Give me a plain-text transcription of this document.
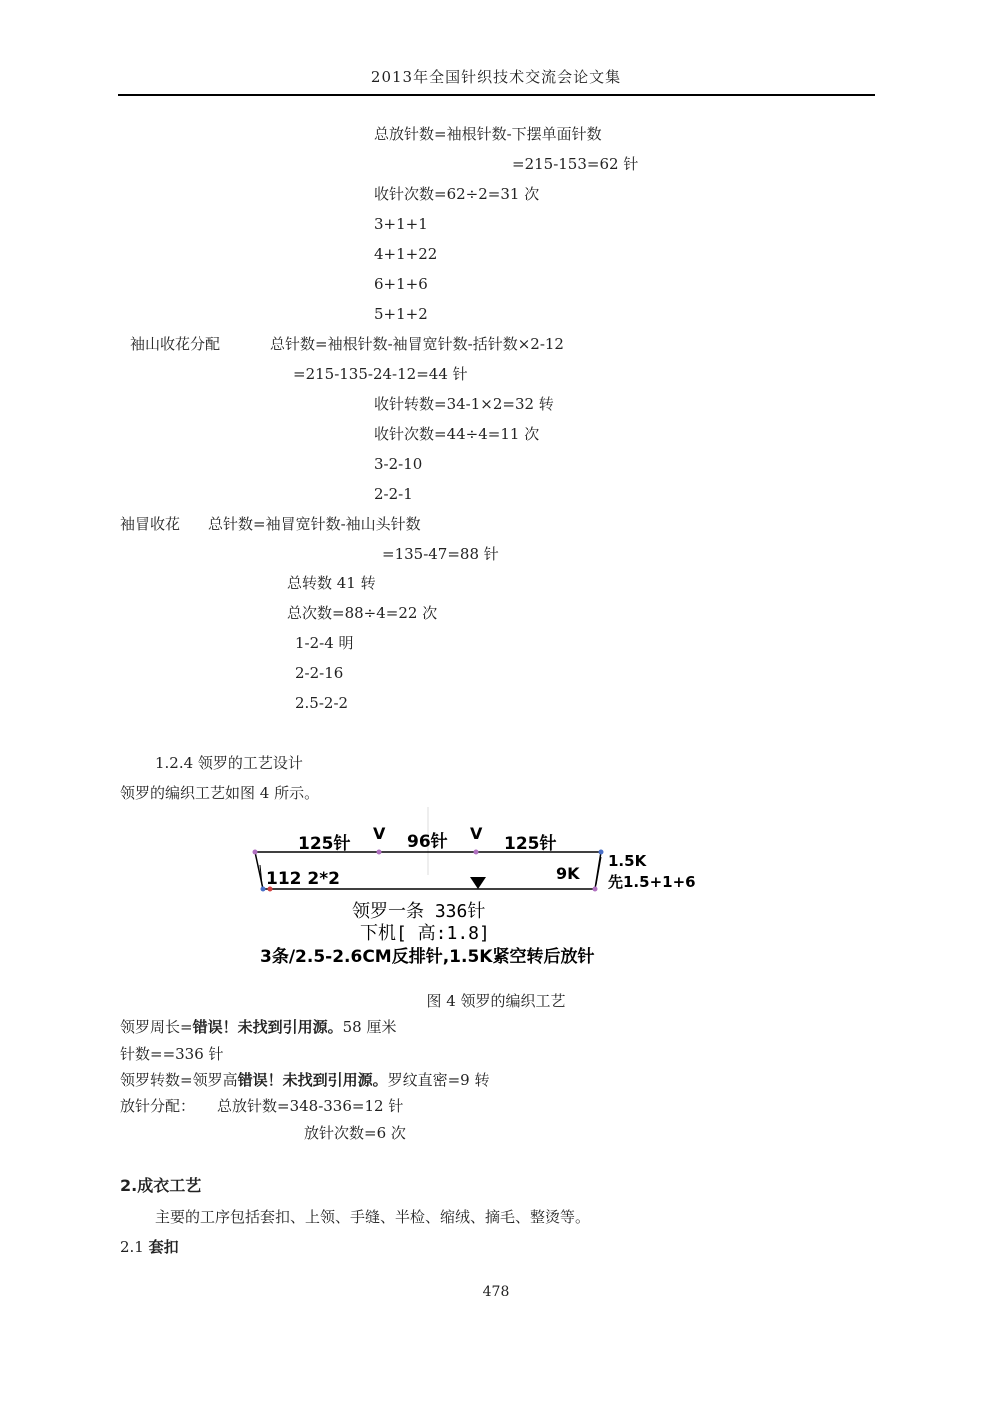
2013年全国针织技术交流会论文集
总放针数=袖根针数-下摆单面针数
=215-153=62 针
收针次数=62÷2=31 次
3+1+1
4+1+22
6+1+6
5+1+2
袖山收花分配	总针数=袖根针数-袖冒宽针数-括针数×2-12
=215-135-24-12=44 针
收针转数=34-1×2=32 转
收针次数=44÷4=11 次
3-2-10
2-2-1
袖冒收花 总针数=袖冒宽针数-袖山头针数
=135-47=88 针
总转数 41 转
总次数=88÷4=22 次
1-2-4 明
2-2-16
2.5-2-2
1.2.4 领罗的工艺设计
领罗的编织工艺如图 4 所示。
125针
V 96针 V
125针
112 2*2	9K
1.5K
先1.5+1+6
领罗一条 336针
下机[ 高:1.8]
3条/2.5-2.6CM反排针,1.5K紧空转后放针
图 4 领罗的编织工艺
领罗周长=错误！未找到引用源。58 厘米
针数==336 针
领罗转数=领罗高错误！未找到引用源。罗纹直密=9 转
放针分配： 总放针数=348-336=12 针
放针次数=6 次
2.成衣工艺
主要的工序包括套扣、上领、手缝、半检、缩绒、摘毛、整烫等。
2.1 套扣
478
